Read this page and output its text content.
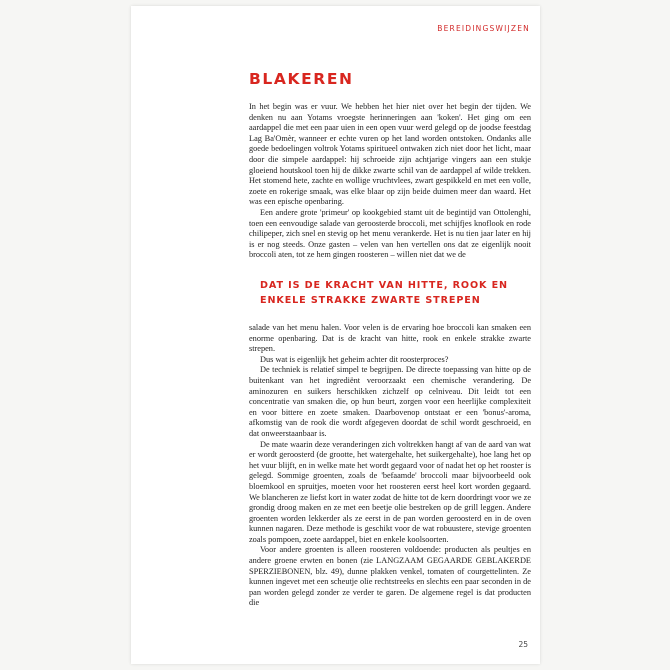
BEREIDINGSWIJZEN
BLAKEREN

In het begin was er vuur. We hebben het hier niet over het begin der tijden. We denken nu aan Yotams vroegste herinneringen aan 'koken'. Het ging om een aardappel die met een paar uien in een open vuur werd gelegd op de joodse feestdag Lag Ba'Omèr, wanneer er echte vuren op het land worden ontstoken. Ondanks alle goede bedoelingen voltrok Yotams spiritueel ontwaken zich niet door het licht, maar door die simpele aardappel: hij schroeide zijn achtjarige vingers aan een stukje gloeiend houtskool toen hij de dikke zwarte schil van de aardappel af wilde trekken. Het stomend hete, zachte en wollige vruchtvlees, zwart gespikkeld en met een volle, zoete en rokerige smaak, was elke blaar op zijn beide duimen meer dan waard. Het was een epische openbaring.

Een andere grote 'primeur' op kookgebied stamt uit de begintijd van Ottolenghi, toen een eenvoudige salade van geroosterde broccoli, met schijfjes knoflook en rode chilipeper, zich snel en stevig op het menu verankerde. Het is nu tien jaar later en hij is er nog steeds. Onze gasten – velen van hen vertellen ons dat ze eigenlijk nooit broccoli aten, tot ze hem gingen roosteren – willen niet dat we de

DAT IS DE KRACHT VAN HITTE, ROOK EN
ENKELE STRAKKE ZWARTE STREPEN

salade van het menu halen. Voor velen is de ervaring hoe broccoli kan smaken een enorme openbaring. Dat is de kracht van hitte, rook en enkele strakke zwarte strepen.

Dus wat is eigenlijk het geheim achter dit roosterproces?

De techniek is relatief simpel te begrijpen. De directe toepassing van hitte op de buitenkant van het ingrediënt veroorzaakt een chemische verandering. De aminozuren en suikers herschikken zichzelf op celniveau. Dit leidt tot een concentratie van smaken die, op hun beurt, zorgen voor een heerlijke complexiteit en voor bittere en zoete smaken. Daarbovenop ontstaat er een 'bonus'-aroma, afkomstig van de rook die wordt afgegeven doordat de schil wordt geschroeid, en dat onweerstaanbaar is.

De mate waarin deze veranderingen zich voltrekken hangt af van de aard van wat er wordt geroosterd (de grootte, het watergehalte, het suikergehalte), hoe lang het op het vuur blijft, en in welke mate het wordt gegaard voor of nadat het op het rooster is gelegd. Sommige groenten, zoals de 'befaamde' broccoli maar bijvoorbeeld ook bloemkool en spruitjes, moeten voor het roosteren eerst heel kort worden gegaard. We blancheren ze liefst kort in water zodat de hitte tot de kern doordringt voor we ze grondig droog maken en ze met een beetje olie bestreken op de grill leggen. Andere groenten worden lekkerder als ze eerst in de pan worden geroosterd en in de oven kunnen nagaren. Deze methode is geschikt voor de wat robuustere, stevige groenten zoals pompoen, zoete aardappel, biet en enkele koolsoorten.

Voor andere groenten is alleen roosteren voldoende: producten als peultjes en andere groene erwten en bonen (zie LANGZAAM GEGAARDE GEBLAKERDE SPERZIEBONEN, blz. 49), dunne plakken venkel, tomaten of courgettelinten. Ze kunnen ingevet met een scheutje olie rechtstreeks en slechts een paar seconden in de pan worden gelegd zonder ze verder te garen. De algemene regel is dat producten die

25
